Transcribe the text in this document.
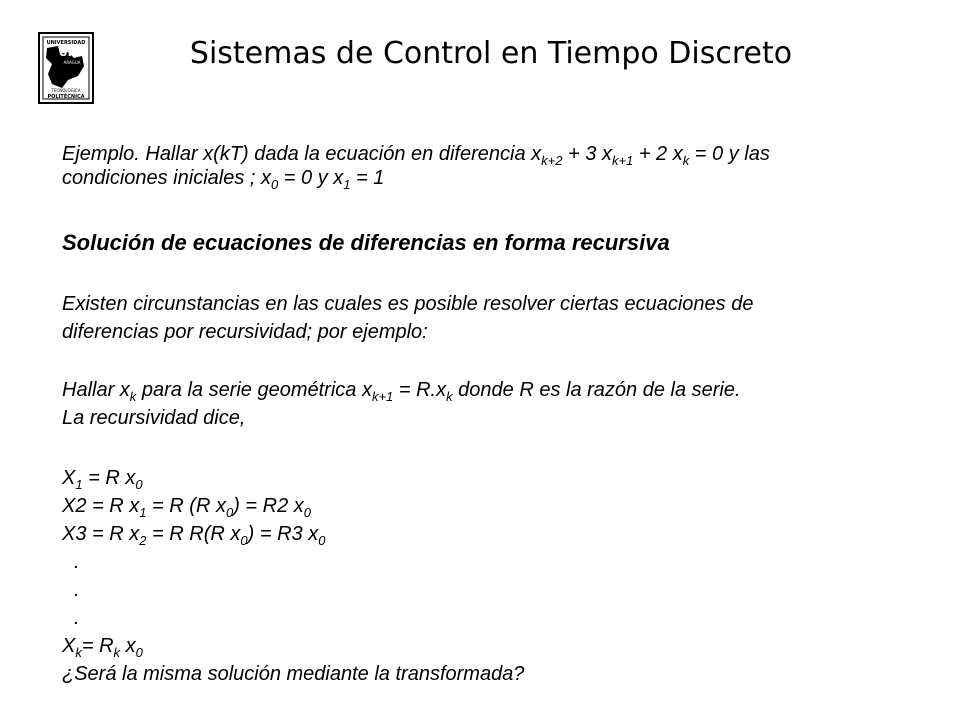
UNIVERSIDAD
UPT
ARAGUA
TECNOLÓGICA
POLITÉCNICA
Sistemas de Control en Tiempo Discreto
Ejemplo. Hallar x(kT) dada la ecuación en diferencia $x_{k+2} + 3$ $x_{k+1} + 2$ $x_k = 0$ y las
condiciones iniciales ; $x_0 = 0$ y $x_1 = 1$
Solución de ecuaciones de diferencias en forma recursiva
Existen circunstancias en las cuales es posible resolver ciertas ecuaciones de
diferencias por recursividad; por ejemplo:
Hallar $x_k$ para la serie geométrica $x_{k+1} = R.x_k$ donde R es la razón de la serie.
La recursividad dice,
$X_1 = R$ $x_0$
X2 = R $x_1 = R$ (R $x_0) = R2$ $x_0$
X3 = R $x_2 = R$ R(R $x_0) = R3$ $x_0$
.
.
.
$X_k= R_k$ $x_0$
¿Será la misma solución mediante la transformada?
